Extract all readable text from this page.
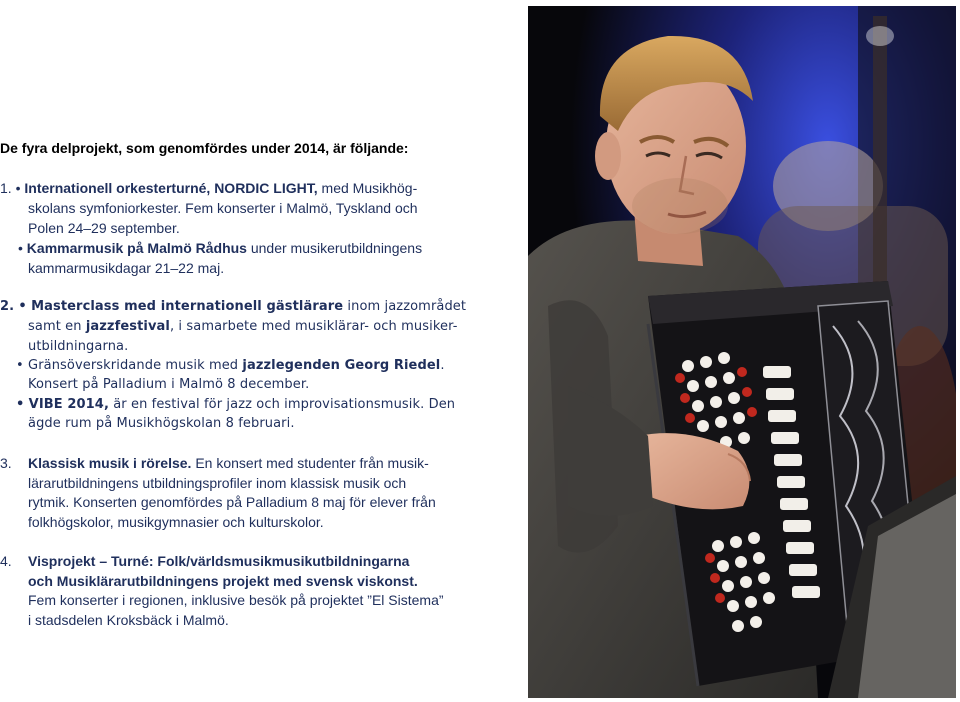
De fyra delprojekt, som genomfördes under 2014, är följande:
1. • Internationell orkesterturné, NORDIC LIGHT, med Musikhög-
skolans symfoniorkester. Fem konserter i Malmö, Tyskland och
Polen 24–29 september.
• Kammarmusik på Malmö Rådhus under musikerutbildningens
kammarmusikdagar 21–22 maj.
2. • Masterclass med internationell gästlärare inom jazzområdet
samt en jazzfestival, i samarbete med musiklärar- och musiker-
utbildningarna.
• Gränsöverskridande musik med jazzlegenden Georg Riedel.
Konsert på Palladium i Malmö 8 december.
• VIBE 2014, är en festival för jazz och improvisationsmusik. Den
ägde rum på Musikhögskolan 8 februari.
3. Klassisk musik i rörelse. En konsert med studenter från musik-
lärarutbildningens utbildningsprofiler inom klassisk musik och
rytmik. Konserten genomfördes på Palladium 8 maj för elever från
folkhögskolor, musikgymnasier och kulturskolor.
4. Visprojekt – Turné: Folk/världsmusikmusikutbildningarna
och Musiklärarutbildningens projekt med svensk viskonst.
Fem konserter i regionen, inklusive besök på projektet ”El Sistema”
i stadsdelen Kroksbäck i Malmö.
